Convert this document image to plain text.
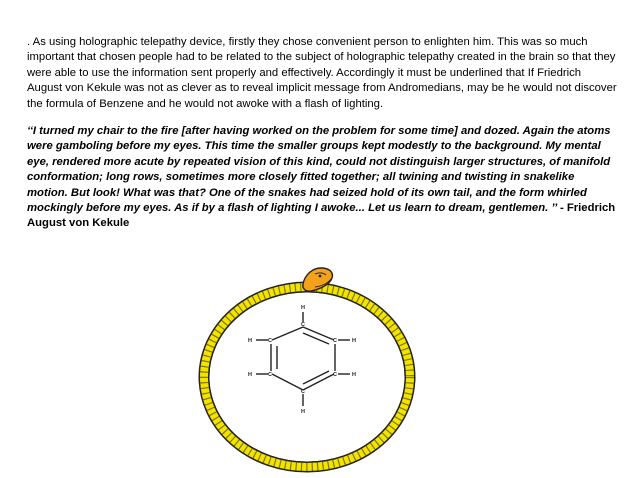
. As using holographic telepathy device, firstly they chose convenient person to enlighten him. This was so much important that chosen people had to be related to the subject of holographic telepathy created in the brain so that they were able to use the information sent properly and effectively. Accordingly it must be underlined that If Friedrich August von Kekule was not as clever as to reveal implicit message from Andromedians, may be he would not discover the formula of Benzene and he would not awoke with a flash of lighting.

‘‘I turned my chair to the fire [after having worked on the problem for some time] and dozed. Again the atoms were gamboling before my eyes. This time the smaller groups kept modestly to the background. My mental eye, rendered more acute by repeated vision of this kind, could not distinguish larger structures, of manifold conformation; long rows, sometimes more closely fitted together; all twining and twisting in snakelike motion. But look! What was that? One of the snakes had seized hold of its own tail, and the form whirled mockingly before my eyes. As if by a flash of lighting I awoke... Let us learn to dream, gentlemen. ’’ - Friedrich August von Kekule

H
C
C	H
C	H
C
H
C
H
C
H
